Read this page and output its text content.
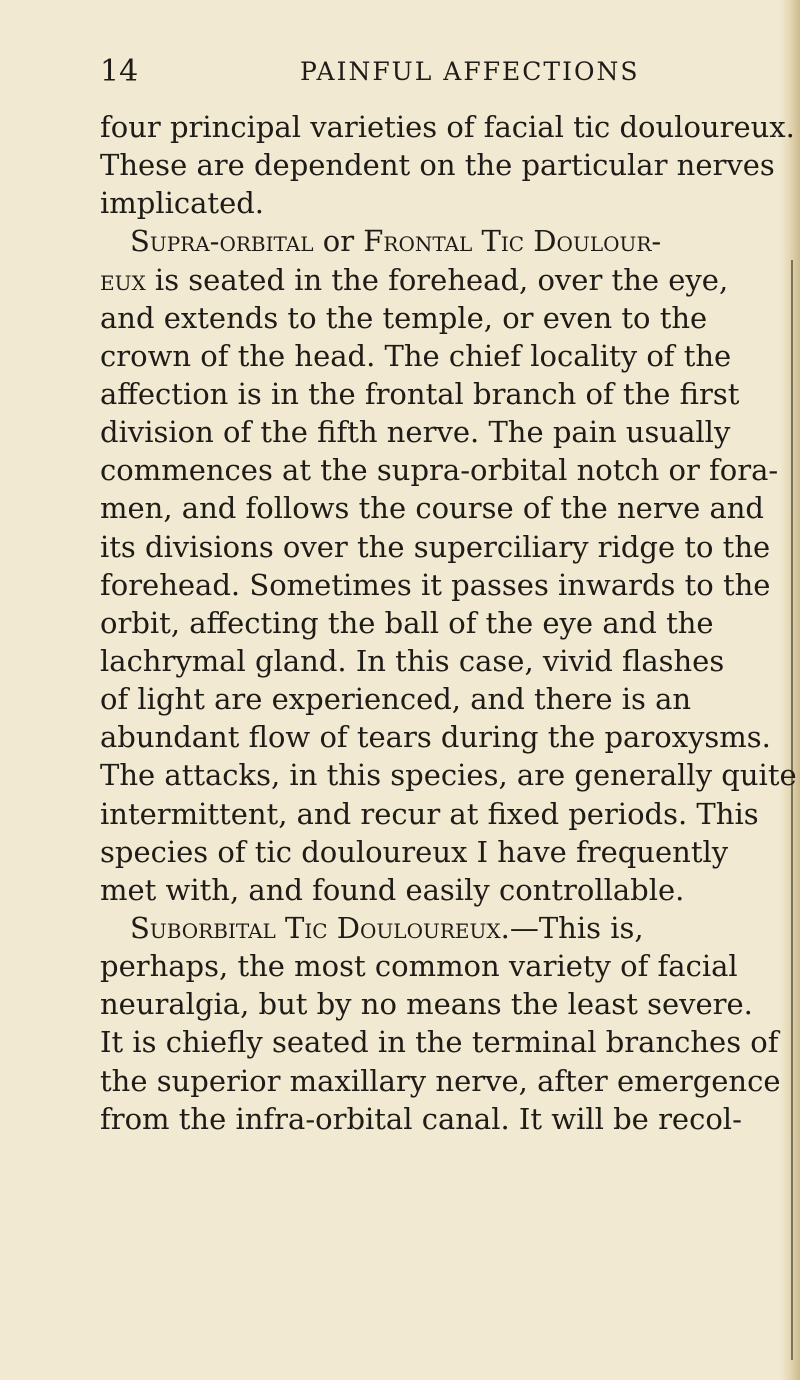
14	PAINFUL AFFECTIONS
four principal varieties of facial tic douloureux.
These are dependent on the particular nerves
implicated.
Supra-orbital or Frontal Tic Doulour-
eux is seated in the forehead, over the eye,
and extends to the temple, or even to the
crown of the head. The chief locality of the
affection is in the frontal branch of the first
division of the fifth nerve. The pain usually
commences at the supra-orbital notch or fora-
men, and follows the course of the nerve and
its divisions over the superciliary ridge to the
forehead. Sometimes it passes inwards to the
orbit, affecting the ball of the eye and the
lachrymal gland. In this case, vivid flashes
of light are experienced, and there is an
abundant flow of tears during the paroxysms.
The attacks, in this species, are generally quite
intermittent, and recur at fixed periods. This
species of tic douloureux I have frequently
met with, and found easily controllable.
Suborbital Tic Douloureux.—This is,
perhaps, the most common variety of facial
neuralgia, but by no means the least severe.
It is chiefly seated in the terminal branches of
the superior maxillary nerve, after emergence
from the infra-orbital canal. It will be recol-
